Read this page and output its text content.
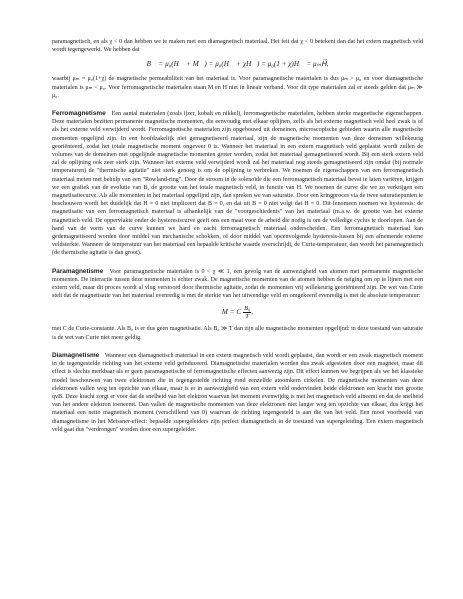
paramagnetisch, en als χ < 0 dan hebben we te maken met een diamagnetisch materiaal. Het feit dat χ < 0 betekent dan dat het extern magnetisch veld wordt tegengewerkt. We hebben dat

B⃗ = μ₀(H⃗ + M⃗) = μ₀(H⃗ + χH⃗) = μ₀(1 + χ)H⃗ = μₘH⃗,

waarbij μₘ = μ₀(1+χ) de magnetische permeabiliteit van het materiaal is. Voor paramagnetische materialen is dus μₘ > μ₀ en voor diamagnetische materialen is μₘ < μ₀. Voor ferromagnetische materialen staan M en H niet in lineair verband. Voor dit type materialen zal er steeds gelden dat μₘ ≫ μ₀.

Ferromagnetisme Een aantal materialen (zoals ijzer, kobalt en nikkel), ferromagnetische materialen, hebben sterke magnetische eigenschappen. Deze materialen bezitten permanente magnetische momenten, die eenvoudig met elkaar oplijnen, zelfs als het externe magnetisch veld heel zwak is of als het externe veld verwijderd wordt. Ferromagnetische materialen zijn opgebouwd uit domeinen, microscopische gebieden waarin alle magnetische momenten opgelijnd zijn. In een hoofdzakelijk niet gemagnetiseerd materiaal, zijn de magnetische momenten van deze domeinen willekeurig georiënteerd, zodat het totale magnetische moment ongeveer 0 is. Wanneer het materiaal in een extern magnetisch veld geplaatst wordt zullen de volumes van de domeinen met opgelijnde magnetische momenten groter worden, zodat het materiaal gemagnetiseerd wordt. Bij een sterk extern veld zal de oplijning ook zeer sterk zijn. Wanneer het externe veld verwijderd wordt zal het materiaal nog steeds gemagnetiseerd zijn omdat (bij normale temperaturen) de "thermische agitatie" niet sterk genoeg is om de oplijning te verbreken. We noemen de eigenschappen van een ferromagnetisch materiaal meten met behulp van een "Rowland-ring". Door de stroom in de solenoïde die een ferromagnetisch materiaal bevat te laten variëren, krijgen we een grafiek van de evolutie van B, de grootte van het totale magnetisch veld, in functie van H. We noemen de curve die we zo verkrijgen een magnetisatiecurve. Als alle momenten in het materiaal opgelijnd zijn, dan spreken we van saturatie. Door een kringproces via de twee saturatiepunten te beschouwen wordt het duidelijk dat H = 0 niet impliceert dat B = 0, en dat uit B = 0 niet volgt dat H = 0. Dit fenomeen noemen we hysteresis: de magnetisatie van een ferromagnetisch materiaal is afhankelijk van de "voorgeschiedenis" van het materiaal (m.a.w. de grootte van het externe magnetisch veld. De oppervlakte onder de hysteresiscurve geeft ons een maat voor de arbeid die nodig is om de volledige cyclus te doorlopen. Aan de hand van de vorm van de curve kunnen we hard en zacht ferromagnetisch materiaal onderscheiden. Een ferromagnetisch materiaal kan gedemagnetiseerd worden door middel van mechanische schokken, of door middel van opeenvolgende hysteresis-lussen bij een afnemende externe veldsterkte. Wanneer de temperatuur van het materiaal een bepaalde kritische waarde overschrijdt, de Curie-temperatuur, dan wordt het paramagnetisch (de thermische agitatie is dan groot).

Paramagnetisme Voor paramagnetische materialen is 0 < χ ≪ 1, een gevolg van de aanwezigheid van atomen met permanente magnetische momenten. De interactie tussen deze momenten is echter zwak. De magnetische momenten van de atomen hebben de neiging om op te lijnen met een extern veld, maar dit proces wordt al vlug verstoord door thermische agitatie, zodat de momenten vrij willekeurig georiënteerd zijn. De wet van Curie stelt dat de magnetisatie van het materiaal evenredig is met de sterkte van het uitwendige veld en omgekeerd evenredig is met de absolute temperatuur:

M = C $\frac{\text{B₀}}{T}$ ,

met C de Curie-constante. Als B₀ is er dus geen magnetisatie. Als B₀ ≫ T dan zijn alle magnetische momenten opgelijnd: in deze toestand van saturatie is de wet van Curie niet meer geldig.

Diamagnetisme Wanneer een diamagnetisch materiaal in een extern magnetisch veld wordt geplaatst, dan wordt er een zwak magnetisch moment in de tegengestelde richting van het externe veld geïnduceerd. Diamagnetische materialen worden dus zwak afgestoten door een magneet, maar dit effect is slechts merkbaar als er geen paramagnetische of ferromagnetische effecten aanwezig zijn. Dit effect kunnen we begrijpen als we het klassieke model beschouwen van twee elektronen die in tegengestelde richting rond eenzelfde atoomkern cirkelen. De magnetische momenten van deze elektronen vallen weg ten opzichte van elkaar, maar is er in aanwezigheid van een extern veld ondervinden beide elektronen een kracht met grootte qvB. Deze kracht zorgt er voor dat de snelheid van het elektron waarvan het moment evenwijdig is met het magnetisch veld afneemt en dat de snelheid van het andere elektron toeneemt. Dan vallen de magnetische momenten van deze elektronen niet langer weg ten opzichte van elkaar, dus krijgt het materiaal een netto magnetisch moment (verschillend van 0) waarvan de richting tegengesteld is aan die van het veld. Een mooi voorbeeld van diamagnetisme in het Meissner-effect: bepaalde supergeleiders zijn perfect diamagnetisch in de toestand van supergeleiding. Een extern magnetisch veld gaat dus "verdrongen" worden door een supergeleider.
